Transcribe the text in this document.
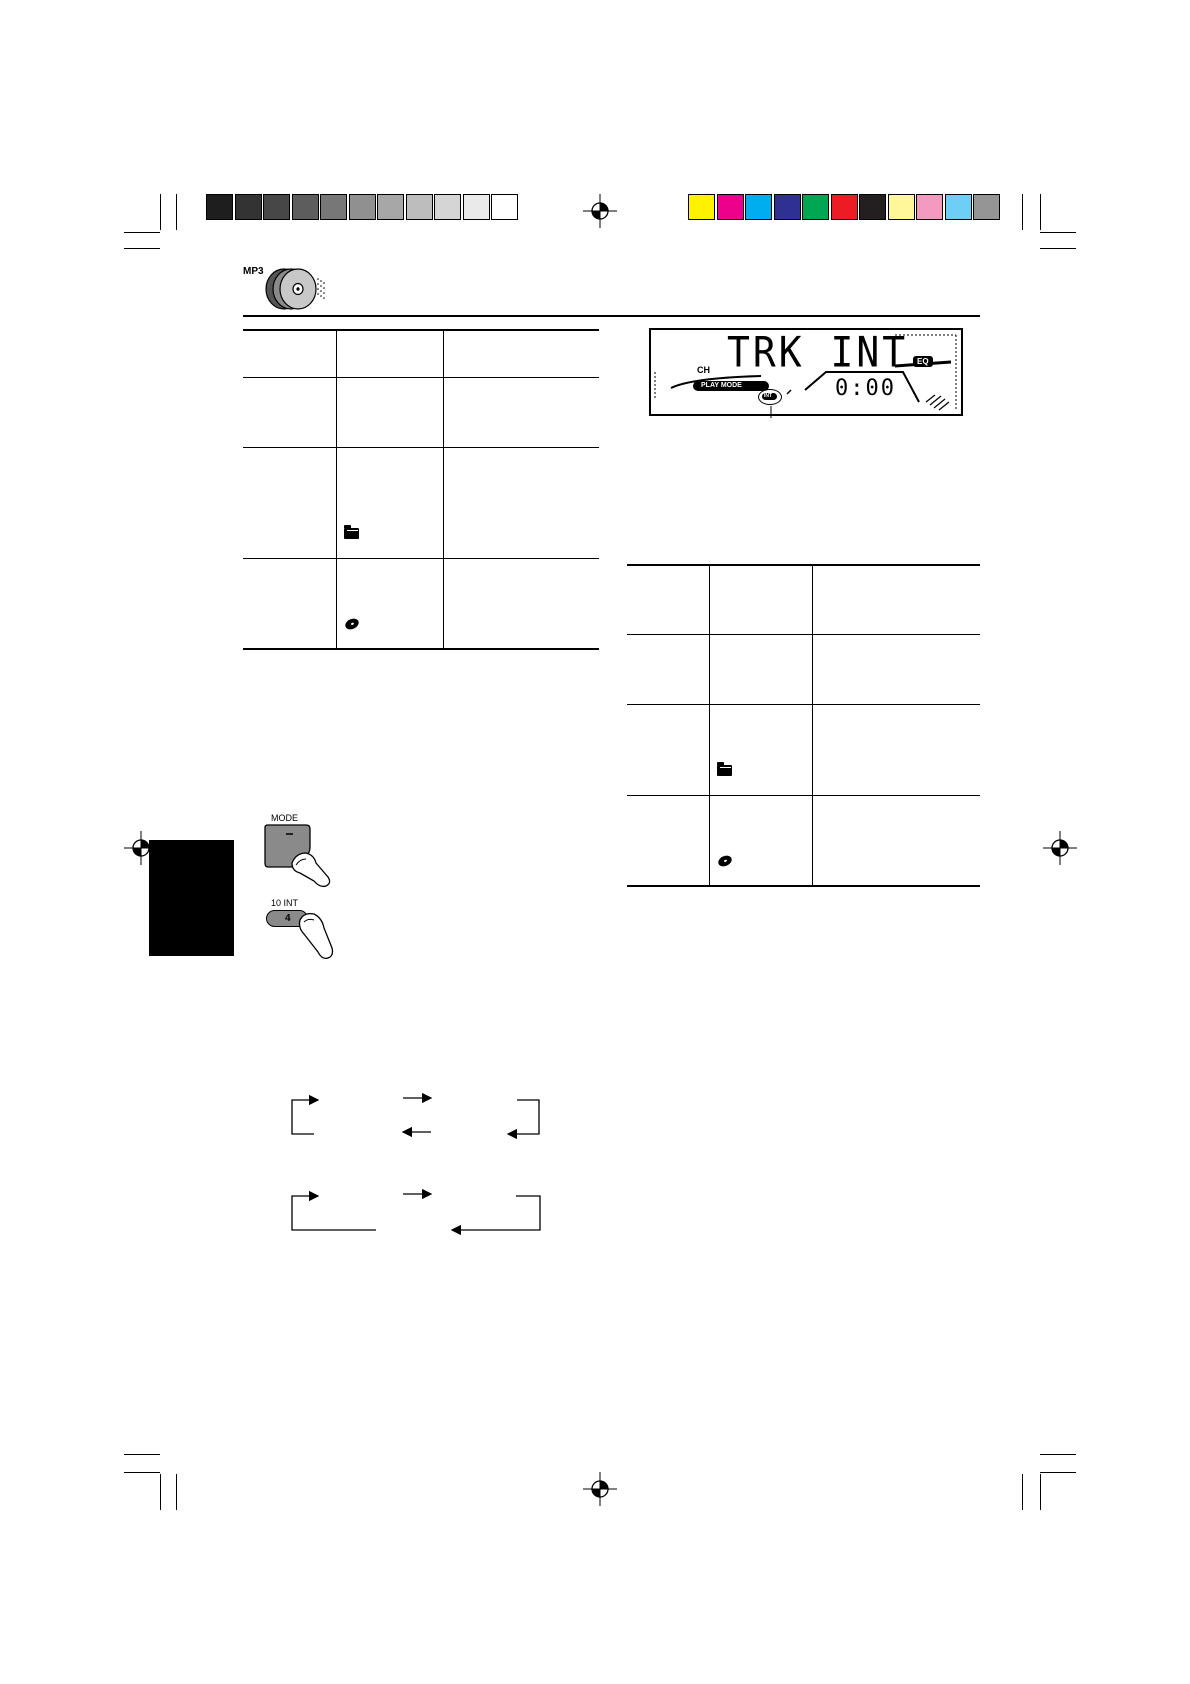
MP3

TRK INT
CH
PLAY MODE
INT
EQ
0:00

MODE
10 INT
4
